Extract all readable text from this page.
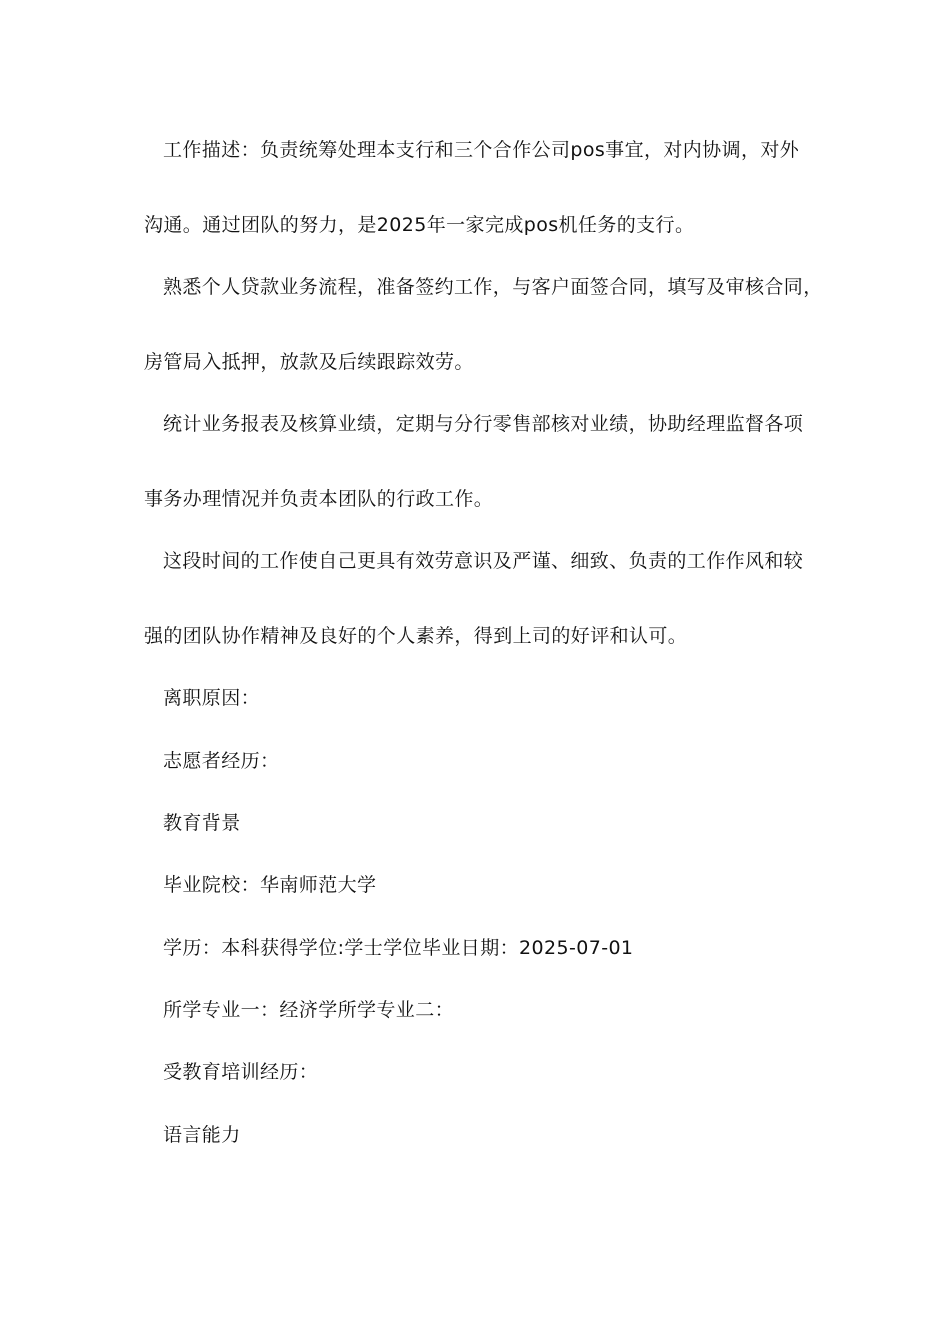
工作描述：负责统筹处理本支行和三个合作公司pos事宜，对内协调，对外
沟通。通过团队的努力，是2025年一家完成pos机任务的支行。
熟悉个人贷款业务流程，准备签约工作，与客户面签合同，填写及审核合同，
房管局入抵押，放款及后续跟踪效劳。
统计业务报表及核算业绩，定期与分行零售部核对业绩，协助经理监督各项
事务办理情况并负责本团队的行政工作。
这段时间的工作使自己更具有效劳意识及严谨、细致、负责的工作作风和较
强的团队协作精神及良好的个人素养，得到上司的好评和认可。
离职原因：
志愿者经历：
教育背景
毕业院校：华南师范大学
学历：本科获得学位:学士学位毕业日期：2025-07-01
所学专业一：经济学所学专业二：
受教育培训经历：
语言能力
